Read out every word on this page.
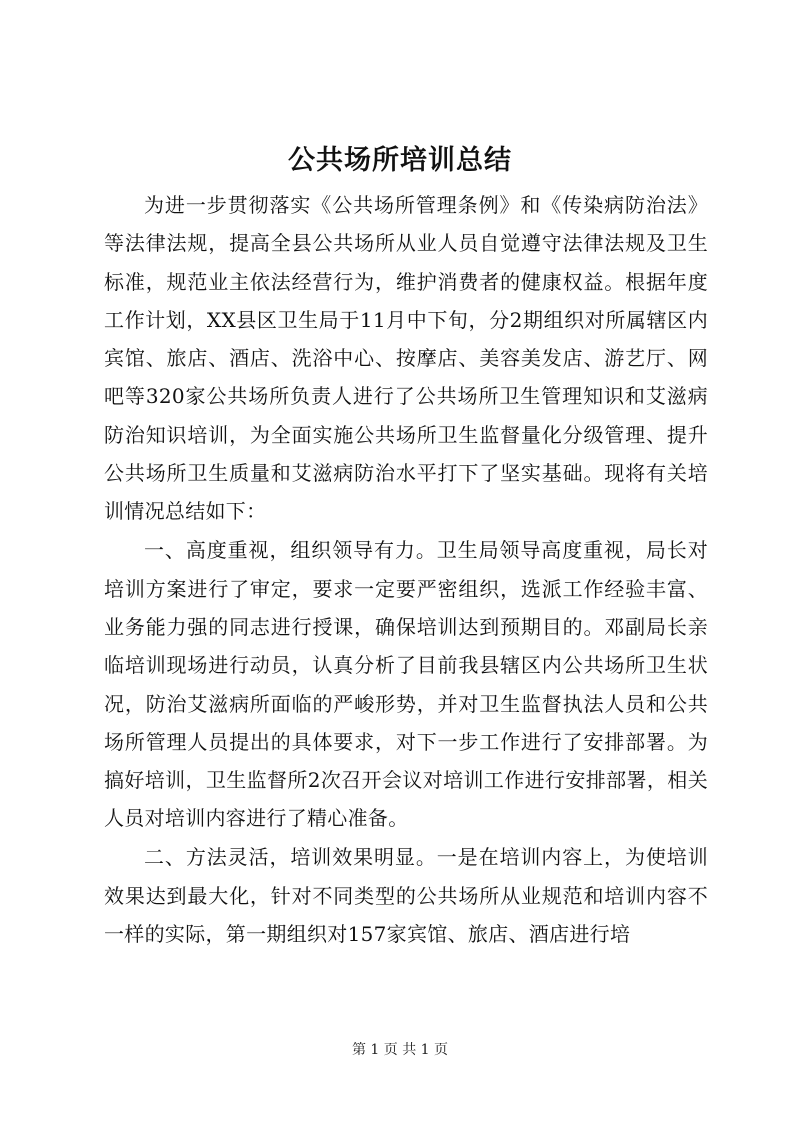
公共场所培训总结

为进一步贯彻落实《公共场所管理条例》和《传染病防治法》等法律法规，提高全县公共场所从业人员自觉遵守法律法规及卫生标准，规范业主依法经营行为，维护消费者的健康权益。根据年度工作计划，XX县区卫生局于11月中下旬，分2期组织对所属辖区内宾馆、旅店、酒店、洗浴中心、按摩店、美容美发店、游艺厅、网吧等320家公共场所负责人进行了公共场所卫生管理知识和艾滋病防治知识培训，为全面实施公共场所卫生监督量化分级管理、提升公共场所卫生质量和艾滋病防治水平打下了坚实基础。现将有关培训情况总结如下：

一、高度重视，组织领导有力。卫生局领导高度重视，局长对培训方案进行了审定，要求一定要严密组织，选派工作经验丰富、业务能力强的同志进行授课，确保培训达到预期目的。邓副局长亲临培训现场进行动员，认真分析了目前我县辖区内公共场所卫生状况，防治艾滋病所面临的严峻形势，并对卫生监督执法人员和公共场所管理人员提出的具体要求，对下一步工作进行了安排部署。为搞好培训，卫生监督所2次召开会议对培训工作进行安排部署，相关人员对培训内容进行了精心准备。

二、方法灵活，培训效果明显。一是在培训内容上，为使培训效果达到最大化，针对不同类型的公共场所从业规范和培训内容不一样的实际，第一期组织对157家宾馆、旅店、酒店进行培

第 1 页 共 1 页
